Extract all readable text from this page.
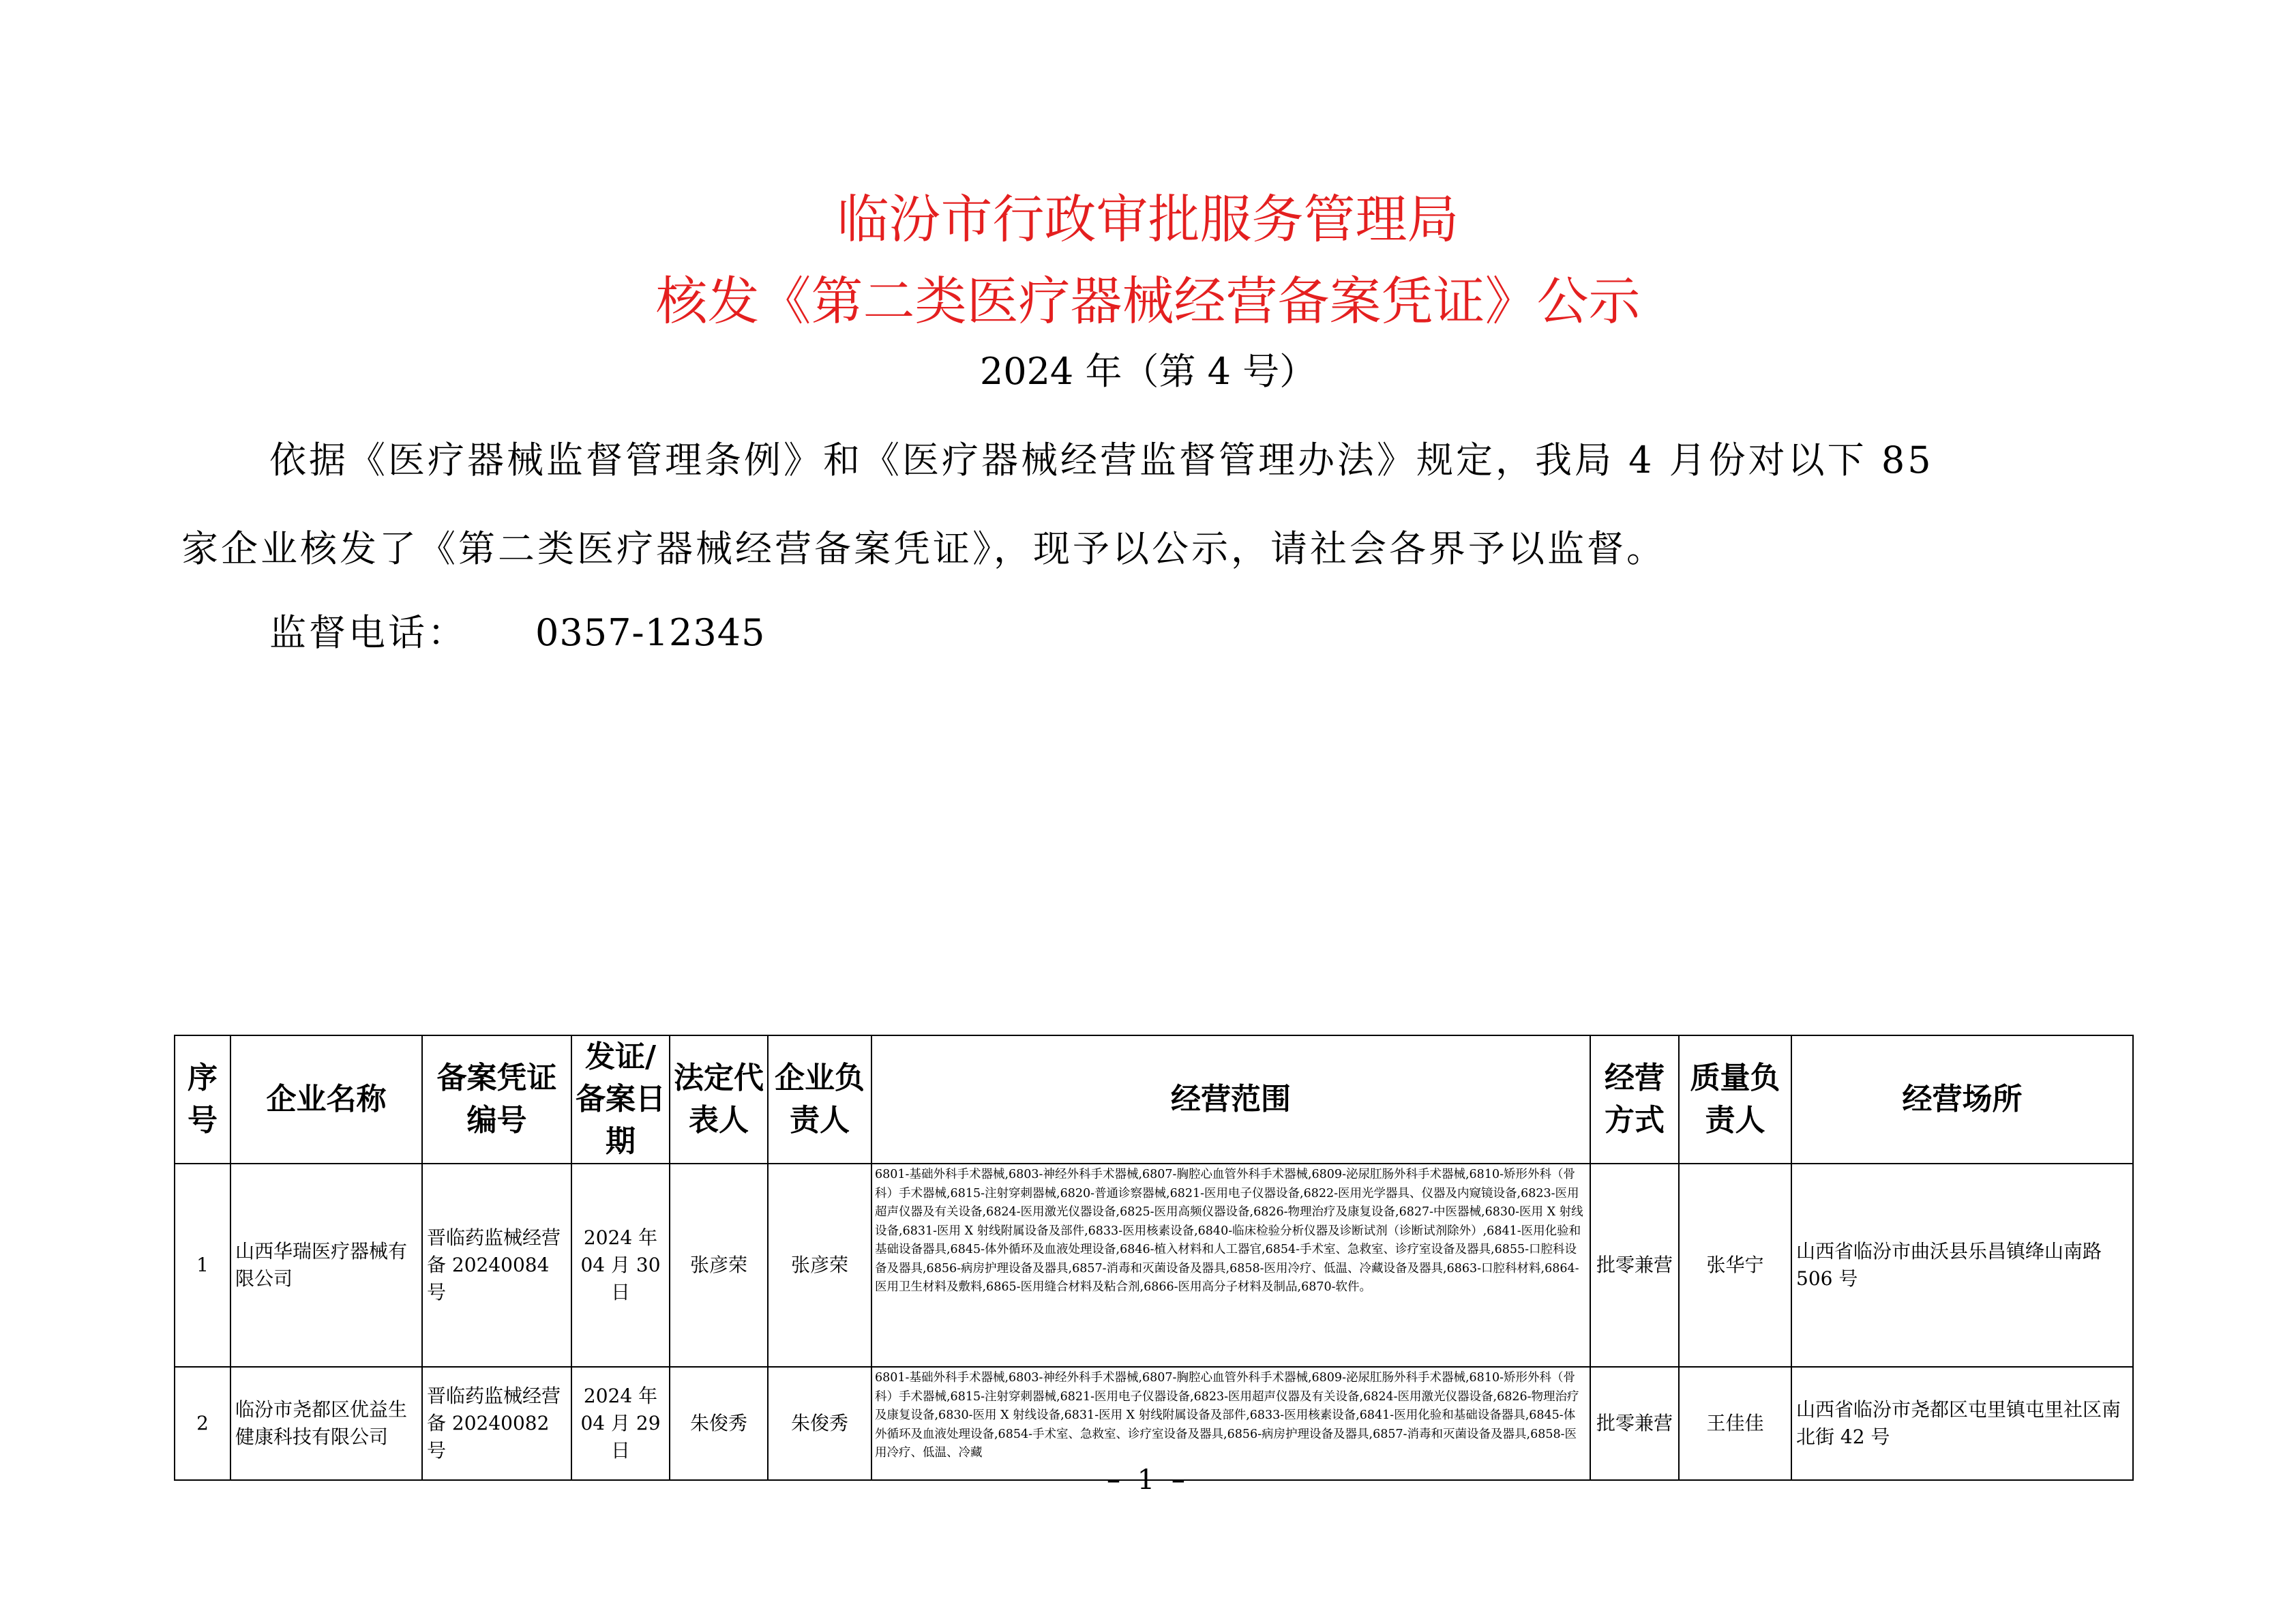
临汾市行政审批服务管理局
核发《第二类医疗器械经营备案凭证》公示
2024 年（第 4 号）
依据《医疗器械监督管理条例》和《医疗器械经营监督管理办法》规定，我局 4 月份对以下 85
家企业核发了《第二类医疗器械经营备案凭证》，现予以公示，请社会各界予以监督。
监督电话： 0357-12345
序号	企业名称	备案凭证编号	发证/备案日期	法定代表人	企业负责人	经营范围	经营方式	质量负责人	经营场所
1	山西华瑞医疗器械有限公司	晋临药监械经营备 20240084 号	2024 年 04 月 30 日	张彦荣	张彦荣	6801-基础外科手术器械,6803-神经外科手术器械,6807-胸腔心血管外科手术器械,6809-泌尿肛肠外科手术器械,6810-矫形外科（骨科）手术器械,6815-注射穿刺器械,6820-普通诊察器械,6821-医用电子仪器设备,6822-医用光学器具、仪器及内窥镜设备,6823-医用超声仪器及有关设备,6824-医用激光仪器设备,6825-医用高频仪器设备,6826-物理治疗及康复设备,6827-中医器械,6830-医用 X 射线设备,6831-医用 X 射线附属设备及部件,6833-医用核素设备,6840-临床检验分析仪器及诊断试剂（诊断试剂除外）,6841-医用化验和基础设备器具,6845-体外循环及血液处理设备,6846-植入材料和人工器官,6854-手术室、急救室、诊疗室设备及器具,6855-口腔科设备及器具,6856-病房护理设备及器具,6857-消毒和灭菌设备及器具,6858-医用冷疗、低温、冷藏设备及器具,6863-口腔科材料,6864-医用卫生材料及敷料,6865-医用缝合材料及粘合剂,6866-医用高分子材料及制品,6870-软件。	批零兼营	张华宁	山西省临汾市曲沃县乐昌镇绛山南路 506 号
2	临汾市尧都区优益生健康科技有限公司	晋临药监械经营备 20240082 号	2024 年 04 月 29 日	朱俊秀	朱俊秀	6801-基础外科手术器械,6803-神经外科手术器械,6807-胸腔心血管外科手术器械,6809-泌尿肛肠外科手术器械,6810-矫形外科（骨科）手术器械,6815-注射穿刺器械,6821-医用电子仪器设备,6823-医用超声仪器及有关设备,6824-医用激光仪器设备,6826-物理治疗及康复设备,6830-医用 X 射线设备,6831-医用 X 射线附属设备及部件,6833-医用核素设备,6841-医用化验和基础设备器具,6845-体外循环及血液处理设备,6854-手术室、急救室、诊疗室设备及器具,6856-病房护理设备及器具,6857-消毒和灭菌设备及器具,6858-医用冷疗、低温、冷藏	批零兼营	王佳佳	山西省临汾市尧都区屯里镇屯里社区南北街 42 号
– 1 –
